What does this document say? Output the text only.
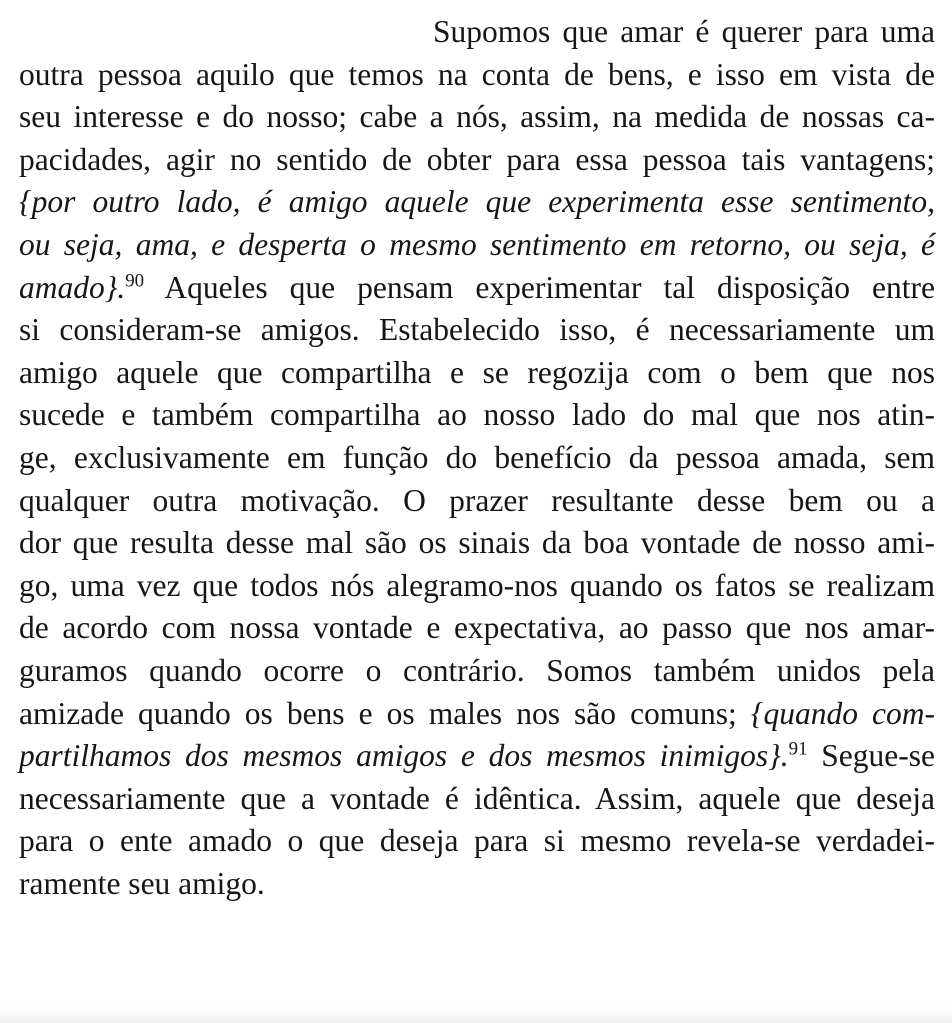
Supomos que amar é querer para uma
outra pessoa aquilo que temos na conta de bens, e isso em vista de
seu interesse e do nosso; cabe a nós, assim, na medida de nossas ca-
pacidades, agir no sentido de obter para essa pessoa tais vantagens;
{por outro lado, é amigo aquele que experimenta esse sentimento,
ou seja, ama, e desperta o mesmo sentimento em retorno, ou seja, é
amado}.$^{90}$ Aqueles que pensam experimentar tal disposição entre
si consideram-se amigos. Estabelecido isso, é necessariamente um
amigo aquele que compartilha e se regozija com o bem que nos
sucede e também compartilha ao nosso lado do mal que nos atin-
ge, exclusivamente em função do benefício da pessoa amada, sem
qualquer outra motivação. O prazer resultante desse bem ou a
dor que resulta desse mal são os sinais da boa vontade de nosso ami-
go, uma vez que todos nós alegramo-nos quando os fatos se realizam
de acordo com nossa vontade e expectativa, ao passo que nos amar-
guramos quando ocorre o contrário. Somos também unidos pela
amizade quando os bens e os males nos são comuns; {quando com-
partilhamos dos mesmos amigos e dos mesmos inimigos}.$^{91}$ Segue-se
necessariamente que a vontade é idêntica. Assim, aquele que deseja
para o ente amado o que deseja para si mesmo revela-se verdadei-
ramente seu amigo.
